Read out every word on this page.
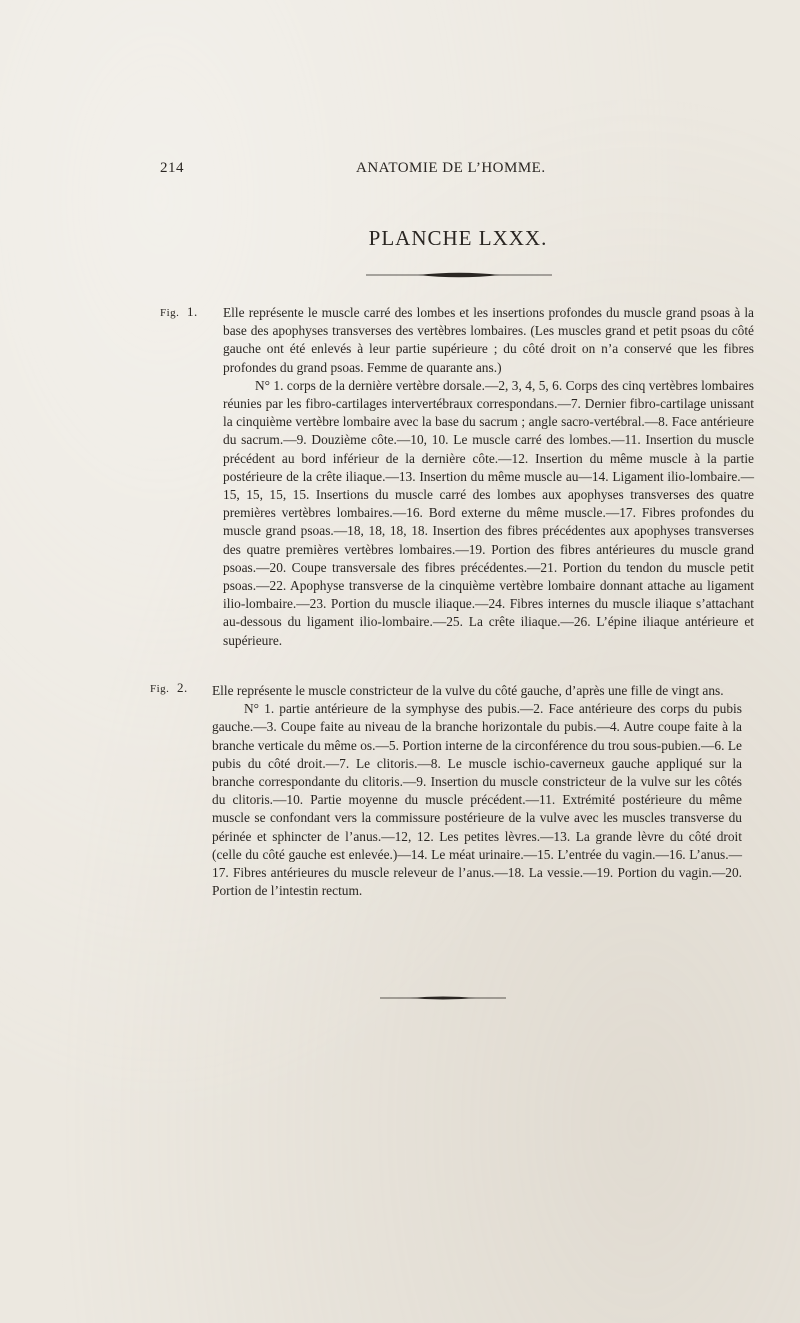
214	ANATOMIE DE L’HOMME.
PLANCHE LXXX.
Fig. 1. Elle représente le muscle carré des lombes et les insertions profondes du muscle grand psoas à la base des apophyses transverses des vertèbres lombaires. (Les muscles grand et petit psoas du côté gauche ont été enlevés à leur partie supérieure ; du côté droit on n’a conservé que les fibres profondes du grand psoas. Femme de quarante ans.)

N° 1. corps de la dernière vertèbre dorsale.—2, 3, 4, 5, 6. Corps des cinq vertèbres lombaires réunies par les fibro-cartilages intervertébraux correspondans.—7. Dernier fibro-cartilage unissant la cinquième vertèbre lombaire avec la base du sacrum ; angle sacro-vertébral.—8. Face antérieure du sacrum.—9. Douzième côte.—10, 10. Le muscle carré des lombes.—11. Insertion du muscle précédent au bord inférieur de la dernière côte.—12. Insertion du même muscle à la partie postérieure de la crête iliaque.—13. Insertion du même muscle au—14. Ligament ilio-lombaire.—15, 15, 15, 15. Insertions du muscle carré des lombes aux apophyses transverses des quatre premières vertèbres lombaires.—16. Bord externe du même muscle.—17. Fibres profondes du muscle grand psoas.—18, 18, 18, 18. Insertion des fibres précédentes aux apophyses transverses des quatre premières vertèbres lombaires.—19. Portion des fibres antérieures du muscle grand psoas.—20. Coupe transversale des fibres précédentes.—21. Portion du tendon du muscle petit psoas.—22. Apophyse transverse de la cinquième vertèbre lombaire donnant attache au ligament ilio-lombaire.—23. Portion du muscle iliaque.—24. Fibres internes du muscle iliaque s’attachant au-dessous du ligament ilio-lombaire.—25. La crête iliaque.—26. L’épine iliaque antérieure et supérieure.

Fig. 2. Elle représente le muscle constricteur de la vulve du côté gauche, d’après une fille de vingt ans.

N° 1. partie antérieure de la symphyse des pubis.—2. Face antérieure des corps du pubis gauche.—3. Coupe faite au niveau de la branche horizontale du pubis.—4. Autre coupe faite à la branche verticale du même os.—5. Portion interne de la circonférence du trou sous-pubien.—6. Le pubis du côté droit.—7. Le clitoris.—8. Le muscle ischio-caverneux gauche appliqué sur la branche correspondante du clitoris.—9. Insertion du muscle constricteur de la vulve sur les côtés du clitoris.—10. Partie moyenne du muscle précédent.—11. Extrémité postérieure du même muscle se confondant vers la commissure postérieure de la vulve avec les muscles transverse du périnée et sphincter de l’anus.—12, 12. Les petites lèvres.—13. La grande lèvre du côté droit (celle du côté gauche est enlevée.)—14. Le méat urinaire.—15. L’entrée du vagin.—16. L’anus.—17. Fibres antérieures du muscle releveur de l’anus.—18. La vessie.—19. Portion du vagin.—20. Portion de l’intestin rectum.
